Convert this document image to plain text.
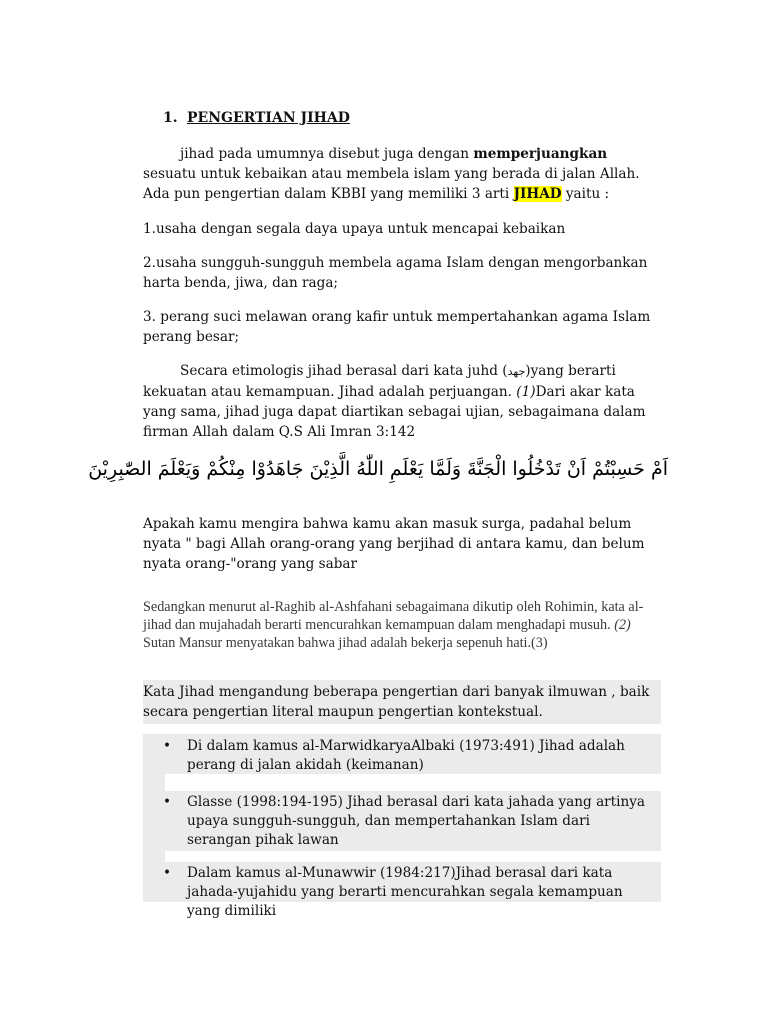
1. PENGERTIAN JIHAD
jihad pada umumnya disebut juga dengan memperjuangkan sesuatu untuk kebaikan atau membela islam yang berada di jalan Allah. Ada pun pengertian dalam KBBI yang memiliki 3 arti JIHAD yaitu :
1.usaha dengan segala daya upaya untuk mencapai kebaikan
2.usaha sungguh-sungguh membela agama Islam dengan mengorbankan harta benda, jiwa, dan raga;
3. perang suci melawan orang kafir untuk mempertahankan agama Islam perang besar;
Secara etimologis jihad berasal dari kata juhd (جهد)yang berarti kekuatan atau kemampuan. Jihad adalah perjuangan. (1)Dari akar kata yang sama, jihad juga dapat diartikan sebagai ujian, sebagaimana dalam firman Allah dalam Q.S Ali Imran 3:142
اَمْ حَسِبْتُمْ اَنْ تَدْخُلُوا الْجَنَّةَ وَلَمَّا يَعْلَمِ اللّٰهُ الَّذِيْنَ جَاهَدُوْا مِنْكُمْ وَيَعْلَمَ الصّٰبِرِيْنَ
Apakah kamu mengira bahwa kamu akan masuk surga, padahal belum nyata " bagi Allah orang-orang yang berjihad di antara kamu, dan belum nyata orang-"orang yang sabar
Sedangkan menurut al-Raghib al-Ashfahani sebagaimana dikutip oleh Rohimin, kata al-jihad dan mujahadah berarti mencurahkan kemampuan dalam menghadapi musuh. (2) Sutan Mansur menyatakan bahwa jihad adalah bekerja sepenuh hati.(3)
Kata Jihad mengandung beberapa pengertian dari banyak ilmuwan , baik secara pengertian literal maupun pengertian kontekstual.
• Di dalam kamus al-MarwidkaryaAlbaki (1973:491) Jihad adalah perang di jalan akidah (keimanan)
• Glasse (1998:194-195) Jihad berasal dari kata jahada yang artinya upaya sungguh-sungguh, dan mempertahankan Islam dari serangan pihak lawan
• Dalam kamus al-Munawwir (1984:217)Jihad berasal dari kata jahada-yujahidu yang berarti mencurahkan segala kemampuan yang dimiliki
